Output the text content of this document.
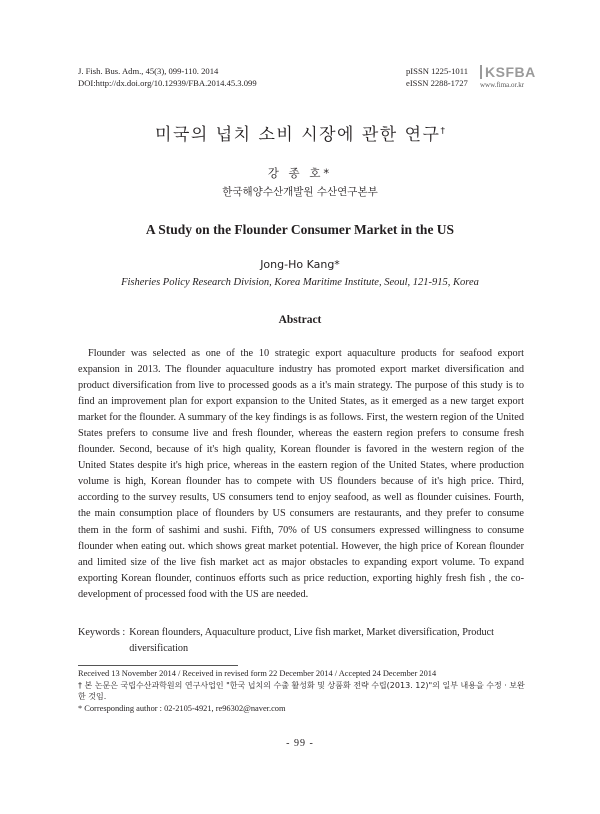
J. Fish. Bus. Adm., 45(3), 099-110. 2014
DOI:http://dx.doi.org/10.12939/FBA.2014.45.3.099
pISSN 1225-1011
eISSN 2288-1727
KSFBA
www.fima.or.kr
미국의 넙치 소비 시장에 관한 연구†
강 종 호*
한국해양수산개발원 수산연구본부
A Study on the Flounder Consumer Market in the US
Jong-Ho Kang*
Fisheries Policy Research Division, Korea Maritime Institute, Seoul, 121-915, Korea
Abstract

Flounder was selected as one of the 10 strategic export aquaculture products for seafood export expansion in 2013. The flounder aquaculture industry has promoted export market diversification and product diversification from live to processed goods as a it's main strategy. The purpose of this study is to find an improvement plan for export expansion to the United States, as it emerged as a new target export market for the flounder. A summary of the key findings is as follows. First, the western region of the United States prefers to consume live and fresh flounder, whereas the eastern region prefers to consume fresh flounder. Second, because of it's high quality, Korean flounder is favored in the western region of the United States despite it's high price, whereas in the eastern region of the United States, where production volume is high, Korean flounder has to compete with US flounders because of it's high price. Third, according to the survey results, US consumers tend to enjoy seafood, as well as flounder cuisines. Fourth, the main consumption place of flounders by US consumers are restaurants, and they prefer to consume them in the form of sashimi and sushi. Fifth, 70% of US consumers expressed willingness to consume flounder when eating out. which shows great market potential. However, the high price of Korean flounder and limited size of the live fish market act as major obstacles to expanding export volume. To expand exporting Korean flounder, continuos efforts such as price reduction, exporting highly fresh fish , the co-development of processed food with the US are needed.

Keywords : Korean flounders, Aquaculture product, Live fish market, Market diversification, Product diversification
Received 13 November 2014 / Received in revised form 22 December 2014 / Accepted 24 December 2014
† 본 논문은 국립수산과학원의 연구사업인 "한국 넙치의 수출 활성화 및 상품화 전략 수립(2013. 12)"의 일부 내용을 수정 · 보완한 것임.
* Corresponding author : 02-2105-4921, re96302@naver.com
- 99 -
